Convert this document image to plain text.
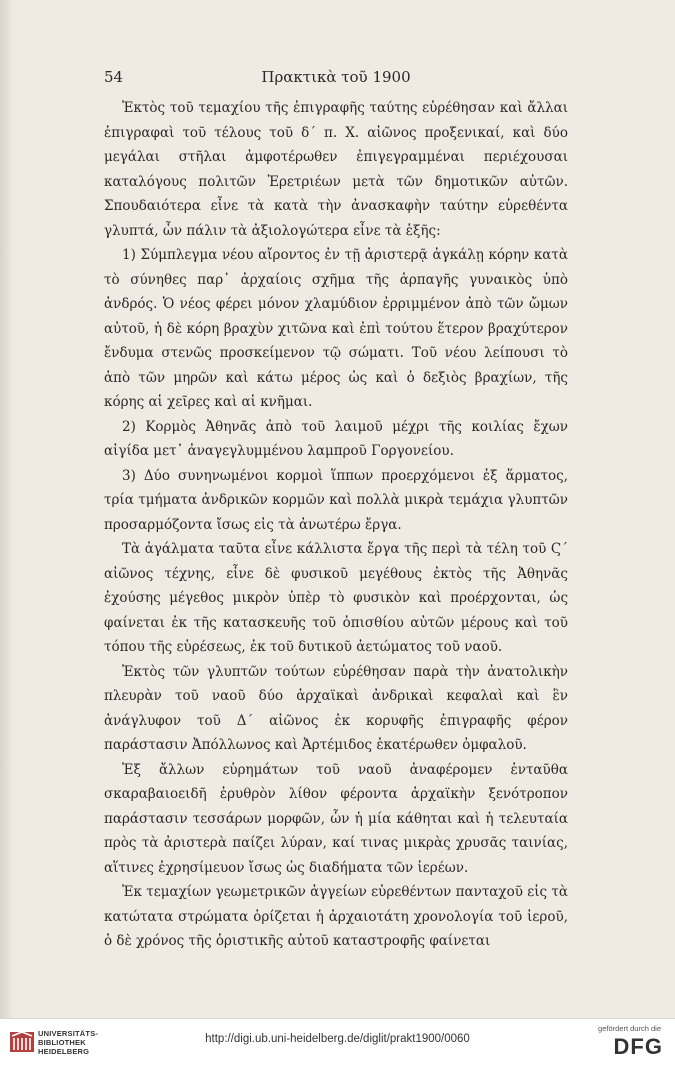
54	Πρακτικὰ τοῦ 1900

Ἐκτὸς τοῦ τεμαχίου τῆς ἐπιγραφῆς ταύτης εὑρέθησαν καὶ ἄλλαι ἐπιγραφαὶ τοῦ τέλους τοῦ δ΄ π. Χ. αἰῶνος προξενικαί, καὶ δύο μεγάλαι στῆλαι ἀμφοτέρωθεν ἐπιγεγραμμέναι περιέχουσαι καταλόγους πολιτῶν Ἐρετριέων μετὰ τῶν δημοτικῶν αὐτῶν. Σπουδαιότερα εἶνε τὰ κατὰ τὴν ἀνασκαφὴν ταύτην εὑρεθέντα γλυπτά, ὧν πάλιν τὰ ἀξιολογώτερα εἶνε τὰ ἑξῆς:

1) Σύμπλεγμα νέου αἴροντος ἐν τῇ ἀριστερᾷ ἀγκάλῃ κόρην κατὰ τὸ σύνηθες παρ᾽ ἀρχαίοις σχῆμα τῆς ἁρπαγῆς γυναικὸς ὑπὸ ἀνδρός. Ὁ νέος φέρει μόνον χλαμύδιον ἐρριμμένον ἀπὸ τῶν ὤμων αὐτοῦ, ἡ δὲ κόρη βραχὺν χιτῶνα καὶ ἐπὶ τούτου ἕτερον βραχύτερον ἔνδυμα στενῶς προσκείμενον τῷ σώματι. Τοῦ νέου λείπουσι τὸ ἀπὸ τῶν μηρῶν καὶ κάτω μέρος ὡς καὶ ὁ δεξιὸς βραχίων, τῆς κόρης αἱ χεῖρες καὶ αἱ κνῆμαι.

2) Κορμὸς Ἀθηνᾶς ἀπὸ τοῦ λαιμοῦ μέχρι τῆς κοιλίας ἔχων αἰγίδα μετ᾽ ἀναγεγλυμμένου λαμπροῦ Γοργονείου.

3) Δύο συνηνωμένοι κορμοὶ ἵππων προερχόμενοι ἐξ ἅρματος, τρία τμήματα ἀνδρικῶν κορμῶν καὶ πολλὰ μικρὰ τεμάχια γλυπτῶν προσαρμόζοντα ἴσως εἰς τὰ ἀνωτέρω ἔργα.

Τὰ ἀγάλματα ταῦτα εἶνε κάλλιστα ἔργα τῆς περὶ τὰ τέλη τοῦ Ϛ΄ αἰῶνος τέχνης, εἶνε δὲ φυσικοῦ μεγέθους ἐκτὸς τῆς Ἀθηνᾶς ἐχούσης μέγεθος μικρὸν ὑπὲρ τὸ φυσικὸν καὶ προέρχονται, ὡς φαίνεται ἐκ τῆς κατασκευῆς τοῦ ὀπισθίου αὐτῶν μέρους καὶ τοῦ τόπου τῆς εὑρέσεως, ἐκ τοῦ δυτικοῦ ἀετώματος τοῦ ναοῦ.

Ἐκτὸς τῶν γλυπτῶν τούτων εὑρέθησαν παρὰ τὴν ἀνατολικὴν πλευρὰν τοῦ ναοῦ δύο ἀρχαϊκαὶ ἀνδρικαὶ κεφαλαὶ καὶ ἓν ἀνάγλυφον τοῦ Δ΄ αἰῶνος ἐκ κορυφῆς ἐπιγραφῆς φέρον παράστασιν Ἀπόλλωνος καὶ Ἀρτέμιδος ἑκατέρωθεν ὀμφαλοῦ.

Ἐξ ἄλλων εὑρημάτων τοῦ ναοῦ ἀναφέρομεν ἐνταῦθα σκαραβαιοειδῆ ἐρυθρὸν λίθον φέροντα ἀρχαϊκὴν ξενότροπον παράστασιν τεσσάρων μορφῶν, ὧν ἡ μία κάθηται καὶ ἡ τελευταία πρὸς τὰ ἀριστερὰ παίζει λύραν, καί τινας μικρὰς χρυσᾶς ταινίας, αἵτινες ἐχρησίμευον ἴσως ὡς διαδήματα τῶν ἱερέων.

Ἐκ τεμαχίων γεωμετρικῶν ἀγγείων εὑρεθέντων πανταχοῦ εἰς τὰ κατώτατα στρώματα ὁρίζεται ἡ ἀρχαιοτάτη χρονολογία τοῦ ἱεροῦ, ὁ δὲ χρόνος τῆς ὁριστικῆς αὐτοῦ καταστροφῆς φαίνεται

UNIVERSITÄTS-
BIBLIOTHEK
HEIDELBERG
http://digi.ub.uni-heidelberg.de/diglit/prakt1900/0060
gefördert durch die
DFG
